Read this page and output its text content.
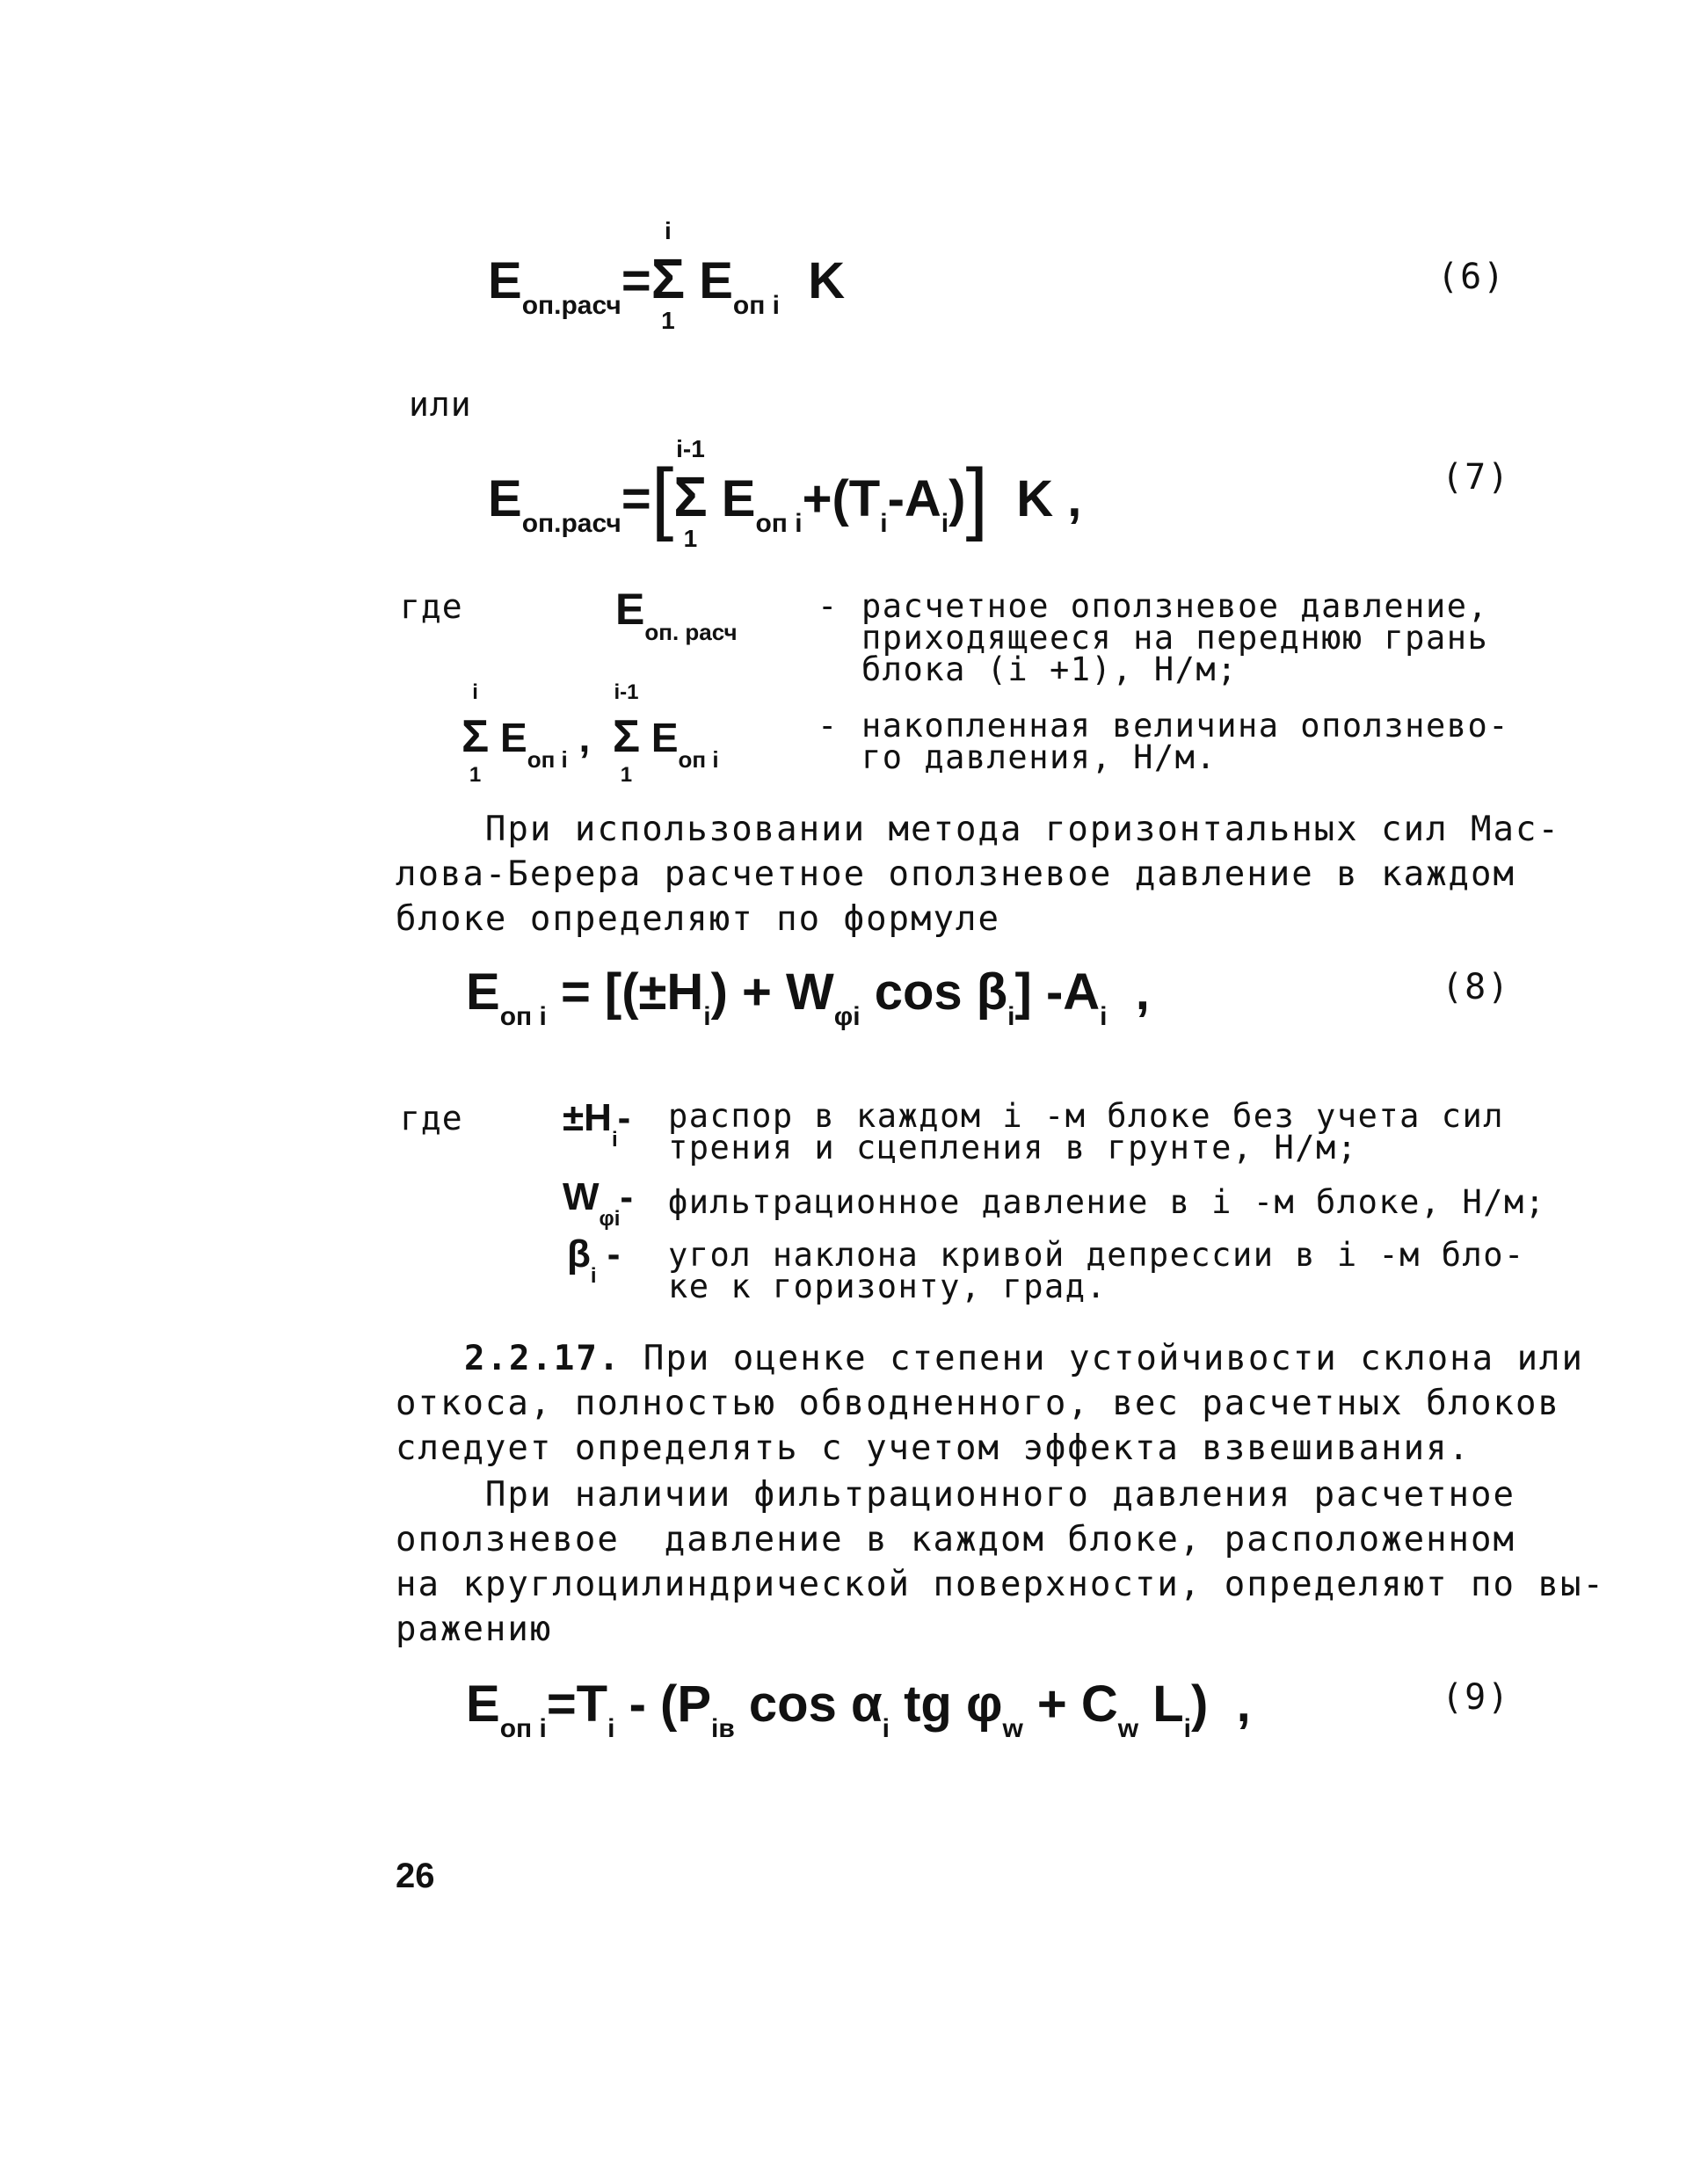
$E_{оп.расч}=\Sigma$
i
1
$E_{оп i}$ K	(6)
или
$E_{оп.расч}=[\Sigma$
i-1
1
$E_{оп i}+(T_i-A_i)$] K ,	(7)
где	$E_{оп. расч}$
- расчетное оползневое давление,
приходящееся на переднюю грань
блока (i +1), Н/м;
Σ
i
1
$E_{оп i}$ , Σ
i-1
1
$E_{оп i}$
- накопленная величина оползнево-
го давления, Н/м.
При использовании метода горизонтальных сил Мас-
лова-Берера расчетное оползневое давление в каждом
блоке определяют по формуле
$E_{оп i} = [(\pm H_i) + W_{\varphi i}$ $\cos \beta_i$] $-A_i$ ,	(8)
где	$\pm H_i-$ распор в каждом i -м блоке без учета сил
трения и сцепления в грунте, Н/м;
$W_{\varphi i}-$ фильтрационное давление в i -м блоке, Н/м;
$\beta_i$ - угол наклона кривой депрессии в i -м бло-
ке к горизонту, град.
2.2.17. При оценке степени устойчивости склона или
откоса, полностью обводненного, вес расчетных блоков
следует определять с учетом эффекта взвешивания.
При наличии фильтрационного давления расчетное
оползневое  давление в каждом блоке, расположенном
на круглоцилиндрической поверхности, определяют по вы-
ражению
$E_{оп i}=T_i - (P_{iв}$ $\cos \alpha_i$ tg $\varphi_w + C_w$ $L_i$) ,	(9)
26
